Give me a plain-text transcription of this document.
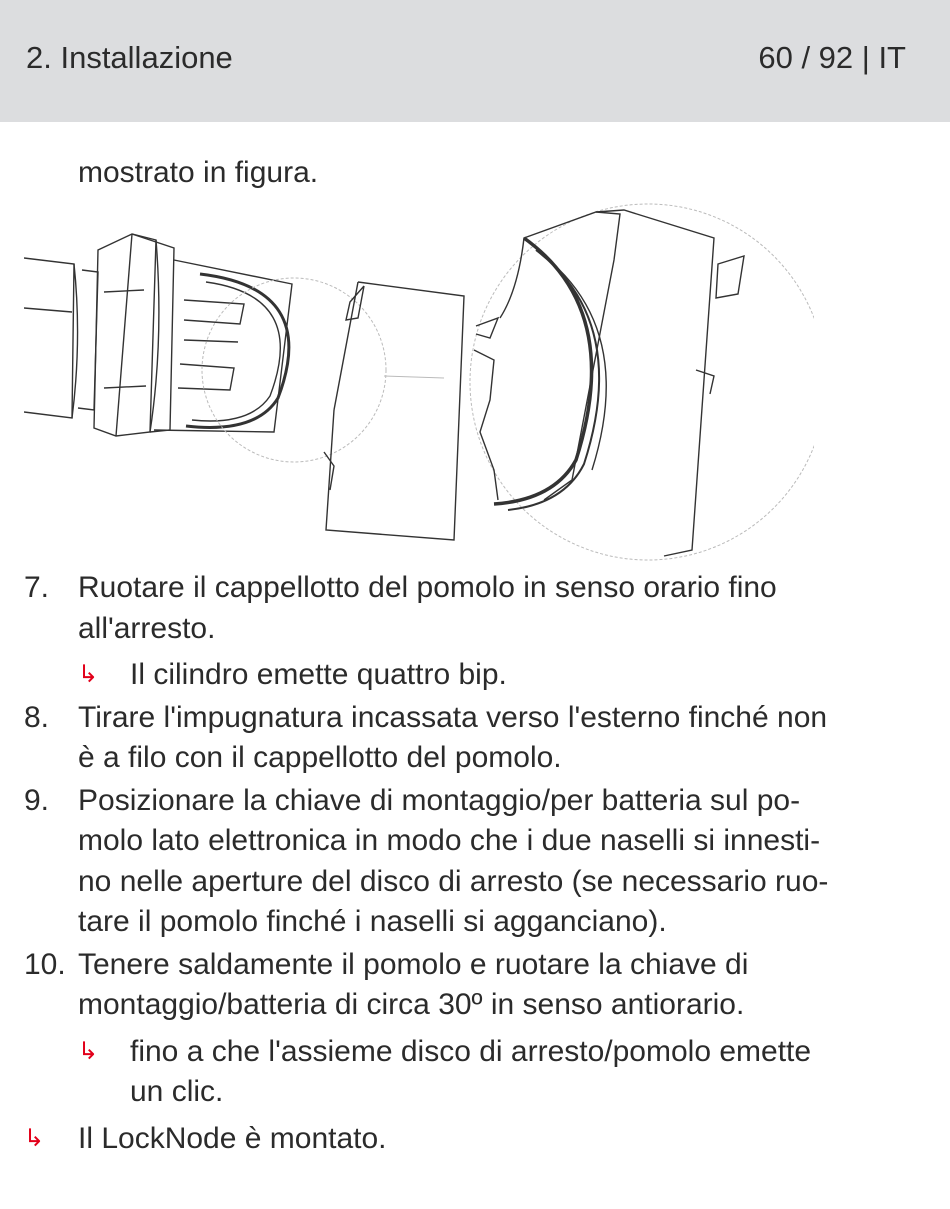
2. Installazione	60 / 92 | IT
mostrato in figura.
7. Ruotare il cappellotto del pomolo in senso orario fino
all'arresto.
↳ Il cilindro emette quattro bip.
8. Tirare l'impugnatura incassata verso l'esterno finché non
è a filo con il cappellotto del pomolo.
9. Posizionare la chiave di montaggio/per batteria sul po-
molo lato elettronica in modo che i due naselli si innesti-
no nelle aperture del disco di arresto (se necessario ruo-
tare il pomolo finché i naselli si agganciano).
10. Tenere saldamente il pomolo e ruotare la chiave di
montaggio/batteria di circa 30º in senso antiorario.
↳ fino a che l'assieme disco di arresto/pomolo emette
un clic.
↳ Il LockNode è montato.
